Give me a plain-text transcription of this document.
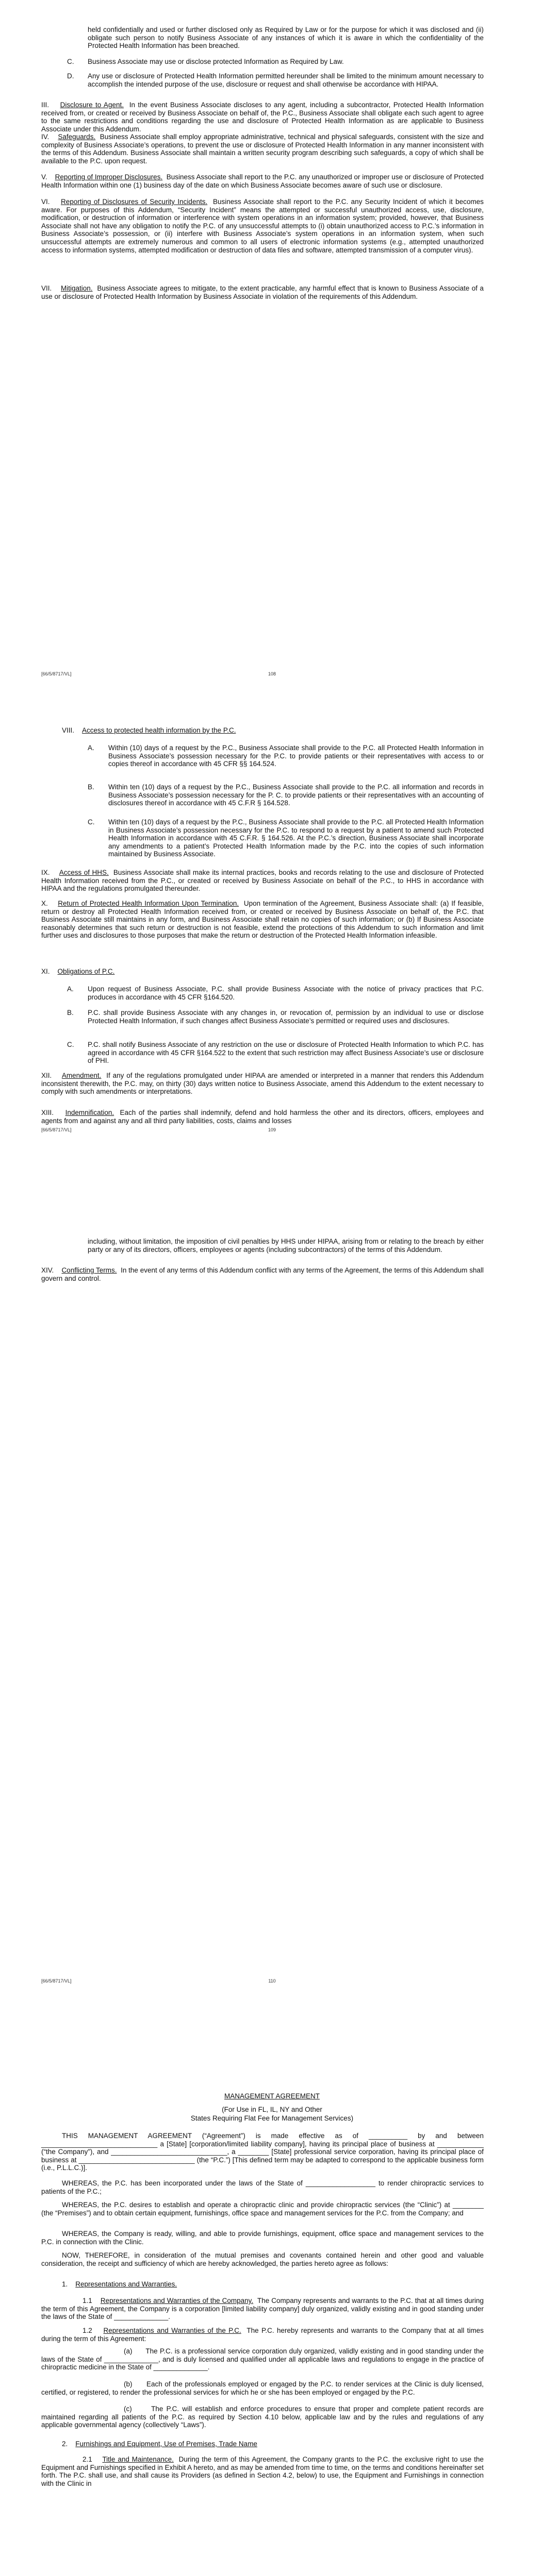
held confidentially and used or further disclosed only as Required by Law or for the purpose for which it was disclosed and (ii) obligate such person to notify Business Associate of any instances of which it is aware in which the confidentiality of the Protected Health Information has been breached.

C. Business Associate may use or disclose protected Information as Required by Law.

D. Any use or disclosure of Protected Health Information permitted hereunder shall be limited to the minimum amount necessary to accomplish the intended purpose of the use, disclosure or request and shall otherwise be accordance with HIPAA.

III. Disclosure to Agent. In the event Business Associate discloses to any agent, including a subcontractor, Protected Health Information received from, or created or received by Business Associate on behalf of, the P.C., Business Associate shall obligate each such agent to agree to the same restrictions and conditions regarding the use and disclosure of Protected Health Information as are applicable to Business Associate under this Addendum.

IV. Safeguards. Business Associate shall employ appropriate administrative, technical and physical safeguards, consistent with the size and complexity of Business Associate’s operations, to prevent the use or disclosure of Protected Health Information in any manner inconsistent with the terms of this Addendum. Business Associate shall maintain a written security program describing such safeguards, a copy of which shall be available to the P.C. upon request.

V. Reporting of Improper Disclosures. Business Associate shall report to the P.C. any unauthorized or improper use or disclosure of Protected Health Information within one (1) business day of the date on which Business Associate becomes aware of such use or disclosure.

VI. Reporting of Disclosures of Security Incidents. Business Associate shall report to the P.C. any Security Incident of which it becomes aware. For purposes of this Addendum, “Security Incident” means the attempted or successful unauthorized access, use, disclosure, modification, or destruction of information or interference with system operations in an information system; provided, however, that Business Associate shall not have any obligation to notify the P.C. of any unsuccessful attempts to (i) obtain unauthorized access to P.C.’s information in Business Associate’s possession, or (ii) interfere with Business Associate’s system operations in an information system, when such unsuccessful attempts are extremely numerous and common to all users of electronic information systems (e.g., attempted unauthorized access to information systems, attempted modification or destruction of data files and software, attempted transmission of a computer virus).

VII. Mitigation. Business Associate agrees to mitigate, to the extent practicable, any harmful effect that is known to Business Associate of a use or disclosure of Protected Health Information by Business Associate in violation of the requirements of this Addendum.

[66/5/8717/VL]	108

VIII. Access to protected health information by the P.C.

A. Within (10) days of a request by the P.C., Business Associate shall provide to the P.C. all Protected Health Information in Business Associate’s possession necessary for the P.C. to provide patients or their representatives with access to or copies thereof in accordance with 45 CFR §§ 164.524.

B. Within ten (10) days of a request by the P.C., Business Associate shall provide to the P.C. all information and records in Business Associate’s possession necessary for the P. C. to provide patients or their representatives with an accounting of disclosures thereof in accordance with 45 C.F.R § 164.528.

C. Within ten (10) days of a request by the P.C., Business Associate shall provide to the P.C. all Protected Health Information in Business Associate’s possession necessary for the P.C. to respond to a request by a patient to amend such Protected Health Information in accordance with 45 C.F.R. § 164.526. At the P.C.’s direction, Business Associate shall incorporate any amendments to a patient’s Protected Health Information made by the P.C. into the copies of such information maintained by Business Associate.

IX. Access of HHS. Business Associate shall make its internal practices, books and records relating to the use and disclosure of Protected Health Information received from the P.C., or created or received by Business Associate on behalf of the P.C., to HHS in accordance with HIPAA and the regulations promulgated thereunder.

X. Return of Protected Health Information Upon Termination. Upon termination of the Agreement, Business Associate shall: (a) If feasible, return or destroy all Protected Health Information received from, or created or received by Business Associate on behalf of, the P.C. that Business Associate still maintains in any form, and Business Associate shall retain no copies of such information; or (b) If Business Associate reasonably determines that such return or destruction is not feasible, extend the protections of this Addendum to such information and limit further uses and disclosures to those purposes that make the return or destruction of the Protected Health Information infeasible.

XI. Obligations of P.C.

A. Upon request of Business Associate, P.C. shall provide Business Associate with the notice of privacy practices that P.C. produces in accordance with 45 CFR §164.520.

B. P.C. shall provide Business Associate with any changes in, or revocation of, permission by an individual to use or disclose Protected Health Information, if such changes affect Business Associate’s permitted or required uses and disclosures.

C. P.C. shall notify Business Associate of any restriction on the use or disclosure of Protected Health Information to which P.C. has agreed in accordance with 45 CFR §164.522 to the extent that such restriction may affect Business Associate’s use or disclosure of PHI.

XII. Amendment. If any of the regulations promulgated under HIPAA are amended or interpreted in a manner that renders this Addendum inconsistent therewith, the P.C. may, on thirty (30) days written notice to Business Associate, amend this Addendum to the extent necessary to comply with such amendments or interpretations.

XIII. Indemnification. Each of the parties shall indemnify, defend and hold harmless the other and its directors, officers, employees and agents from and against any and all third party liabilities, costs, claims and losses

[66/5/8717/VL]	109

including, without limitation, the imposition of civil penalties by HHS under HIPAA, arising from or relating to the breach by either party or any of its directors, officers, employees or agents (including subcontractors) of the terms of this Addendum.

XIV. Conflicting Terms. In the event of any terms of this Addendum conflict with any terms of the Agreement, the terms of this Addendum shall govern and control.

[66/5/8717/VL]	110

MANAGEMENT AGREEMENT

(For Use in FL, IL, NY and Other

States Requiring Flat Fee for Management Services)

THIS MANAGEMENT AGREEMENT (“Agreement”) is made effective as of __________ by and between ______________________________ a [State] [corporation/limited liability company], having its principal place of business at ____________ (“the Company”), and ______________________________, a ________ [State] professional service corporation, having its principal place of business at ______________________________ (the “P.C.”) [This defined term may be adapted to correspond to the applicable business form (i.e., P.L.L.C.)].

WHEREAS, the P.C. has been incorporated under the laws of the State of __________________ to render chiropractic services to patients of the P.C.;

WHEREAS, the P.C. desires to establish and operate a chiropractic clinic and provide chiropractic services (the “Clinic”) at ________ (the “Premises”) and to obtain certain equipment, furnishings, office space and management services for the P.C. from the Company; and

WHEREAS, the Company is ready, willing, and able to provide furnishings, equipment, office space and management services to the P.C. in connection with the Clinic.

NOW, THEREFORE, in consideration of the mutual premises and covenants contained herein and other good and valuable consideration, the receipt and sufficiency of which are hereby acknowledged, the parties hereto agree as follows:

1. Representations and Warranties.

1.1 Representations and Warranties of the Company. The Company represents and warrants to the P.C. that at all times during the term of this Agreement, the Company is a corporation [limited liability company] duly organized, validly existing and in good standing under the laws of the State of ______________.

1.2 Representations and Warranties of the P.C. The P.C. hereby represents and warrants to the Company that at all times during the term of this Agreement:

(a) The P.C. is a professional service corporation duly organized, validly existing and in good standing under the laws of the State of ______________, and is duly licensed and qualified under all applicable laws and regulations to engage in the practice of chiropractic medicine in the State of ______________.

(b) Each of the professionals employed or engaged by the P.C. to render services at the Clinic is duly licensed, certified, or registered, to render the professional services for which he or she has been employed or engaged by the P.C.

(c)	The P.C. will establish and enforce procedures to ensure that proper and complete patient records are maintained regarding all patients of the P.C. as required by Section 4.10 below, applicable law and by the rules and regulations of any applicable governmental agency (collectively “Laws”).

2. Furnishings and Equipment, Use of Premises, Trade Name

2.1 Title and Maintenance. During the term of this Agreement, the Company grants to the P.C. the exclusive right to use the Equipment and Furnishings specified in Exhibit A hereto, and as may be amended from time to time, on the terms and conditions hereinafter set forth. The P.C. shall use, and shall cause its Providers (as defined in Section 4.2, below) to use, the Equipment and Furnishings in connection with the Clinic in
